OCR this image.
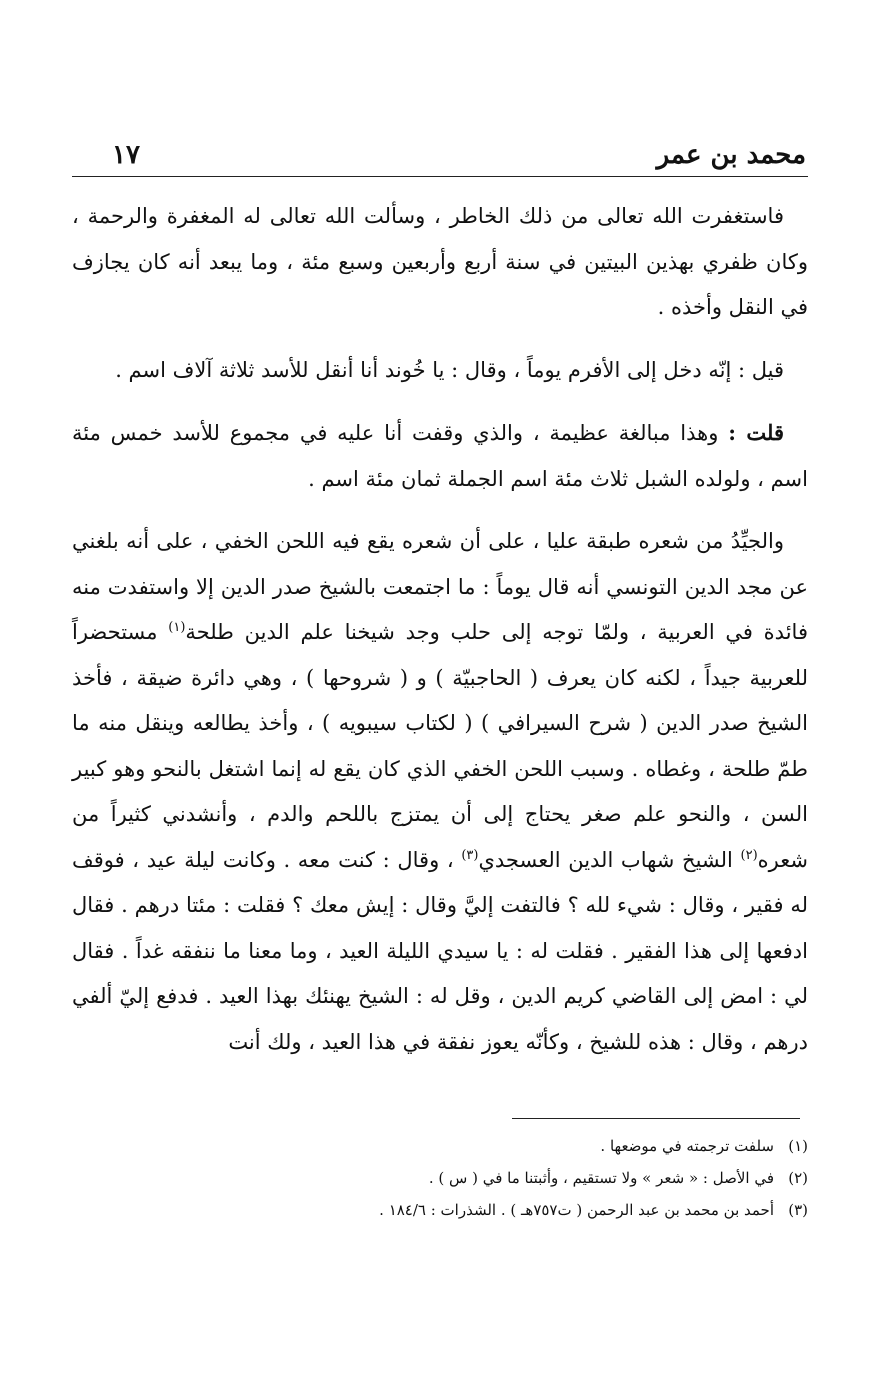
محمد بن عمر
١٧

فاستغفرت الله تعالى من ذلك الخاطر ، وسألت الله تعالى له المغفرة والرحمة ، وكان ظفري بهذين البيتين في سنة أربع وأربعين وسبع مئة ، وما يبعد أنه كان يجازف في النقل وأخذه .

قيل : إنّه دخل إلى الأفرم يوماً ، وقال : يا خُوند أنا أنقل للأسد ثلاثة آلاف اسم .

قلت : وهذا مبالغة عظيمة ، والذي وقفت أنا عليه في مجموع للأسد خمس مئة اسم ، ولولده الشبل ثلاث مئة اسم الجملة ثمان مئة اسم .

والجيِّدُ من شعره طبقة عليا ، على أن شعره يقع فيه اللحن الخفي ، على أنه بلغني عن مجد الدين التونسي أنه قال يوماً : ما اجتمعت بالشيخ صدر الدين إلا واستفدت منه فائدة في العربية ، ولمّا توجه إلى حلب وجد شيخنا علم الدين طلحة$^{(١)}$ مستحضراً للعربية جيداً ، لكنه كان يعرف ( الحاجبيّة ) و ( شروحها ) ، وهي دائرة ضيقة ، فأخذ الشيخ صدر الدين ( شرح السيرافي ) ( لكتاب سيبويه ) ، وأخذ يطالعه وينقل منه ما طمّ طلحة ، وغطاه . وسبب اللحن الخفي الذي كان يقع له إنما اشتغل بالنحو وهو كبير السن ، والنحو علم صغر يحتاج إلى أن يمتزج باللحم والدم ، وأنشدني كثيراً من شعره$^{(٢)}$ الشيخ شهاب الدين العسجدي$^{(٣)}$ ، وقال : كنت معه . وكانت ليلة عيد ، فوقف له فقير ، وقال : شيء لله ؟ فالتفت إليَّ وقال : إيش معك ؟ فقلت : مئتا درهم . فقال ادفعها إلى هذا الفقير . فقلت له : يا سيدي الليلة العيد ، وما معنا ما ننفقه غداً . فقال لي : امض إلى القاضي كريم الدين ، وقل له : الشيخ يهنئك بهذا العيد . فدفع إليّ ألفي درهم ، وقال : هذه للشيخ ، وكأنّه يعوز نفقة في هذا العيد ، ولك أنت

(١)سلفت ترجمته في موضعها .

(٢)في الأصل : « شعر » ولا تستقيم ، وأثبتنا ما في ( س ) .

(٣)أحمد بن محمد بن عبد الرحمن ( ت٧٥٧هـ ) . الشذرات : ١٨٤/٦ .
